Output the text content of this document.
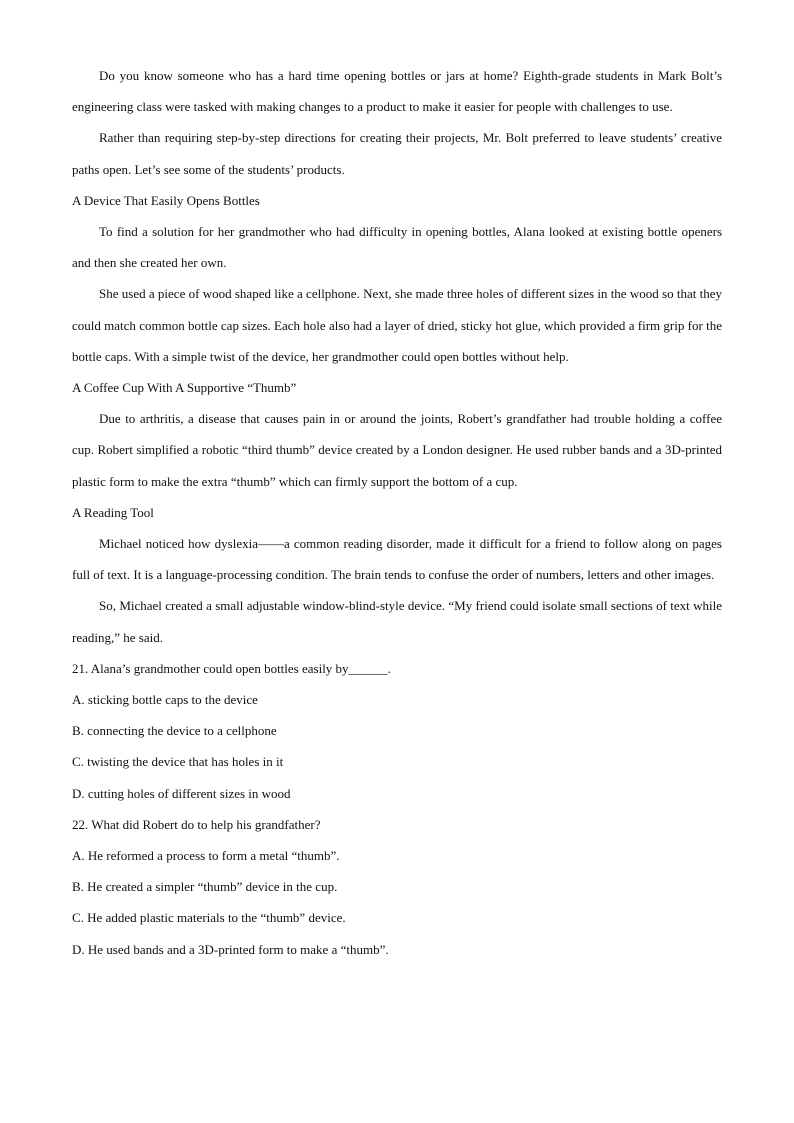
Do you know someone who has a hard time opening bottles or jars at home? Eighth-grade students in Mark Bolt’s engineering class were tasked with making changes to a product to make it easier for people with challenges to use.

Rather than requiring step-by-step directions for creating their projects, Mr. Bolt preferred to leave students’ creative paths open. Let’s see some of the students’ products.

A Device That Easily Opens Bottles

To find a solution for her grandmother who had difficulty in opening bottles, Alana looked at existing bottle openers and then she created her own.

She used a piece of wood shaped like a cellphone. Next, she made three holes of different sizes in the wood so that they could match common bottle cap sizes. Each hole also had a layer of dried, sticky hot glue, which provided a firm grip for the bottle caps. With a simple twist of the device, her grandmother could open bottles without help.

A Coffee Cup With A Supportive “Thumb”

Due to arthritis, a disease that causes pain in or around the joints, Robert’s grandfather had trouble holding a coffee cup. Robert simplified a robotic “third thumb” device created by a London designer. He used rubber bands and a 3D-printed plastic form to make the extra “thumb” which can firmly support the bottom of a cup.

A Reading Tool

Michael noticed how dyslexia——a common reading disorder, made it difficult for a friend to follow along on pages full of text. It is a language-processing condition. The brain tends to confuse the order of numbers, letters and other images.

So, Michael created a small adjustable window-blind-style device. “My friend could isolate small sections of text while reading,” he said.

21. Alana’s grandmother could open bottles easily by______.

A. sticking bottle caps to the device

B. connecting the device to a cellphone

C. twisting the device that has holes in it

D. cutting holes of different sizes in wood

22. What did Robert do to help his grandfather?

A. He reformed a process to form a metal “thumb”.

B. He created a simpler “thumb” device in the cup.

C. He added plastic materials to the “thumb” device.

D. He used bands and a 3D-printed form to make a “thumb”.
